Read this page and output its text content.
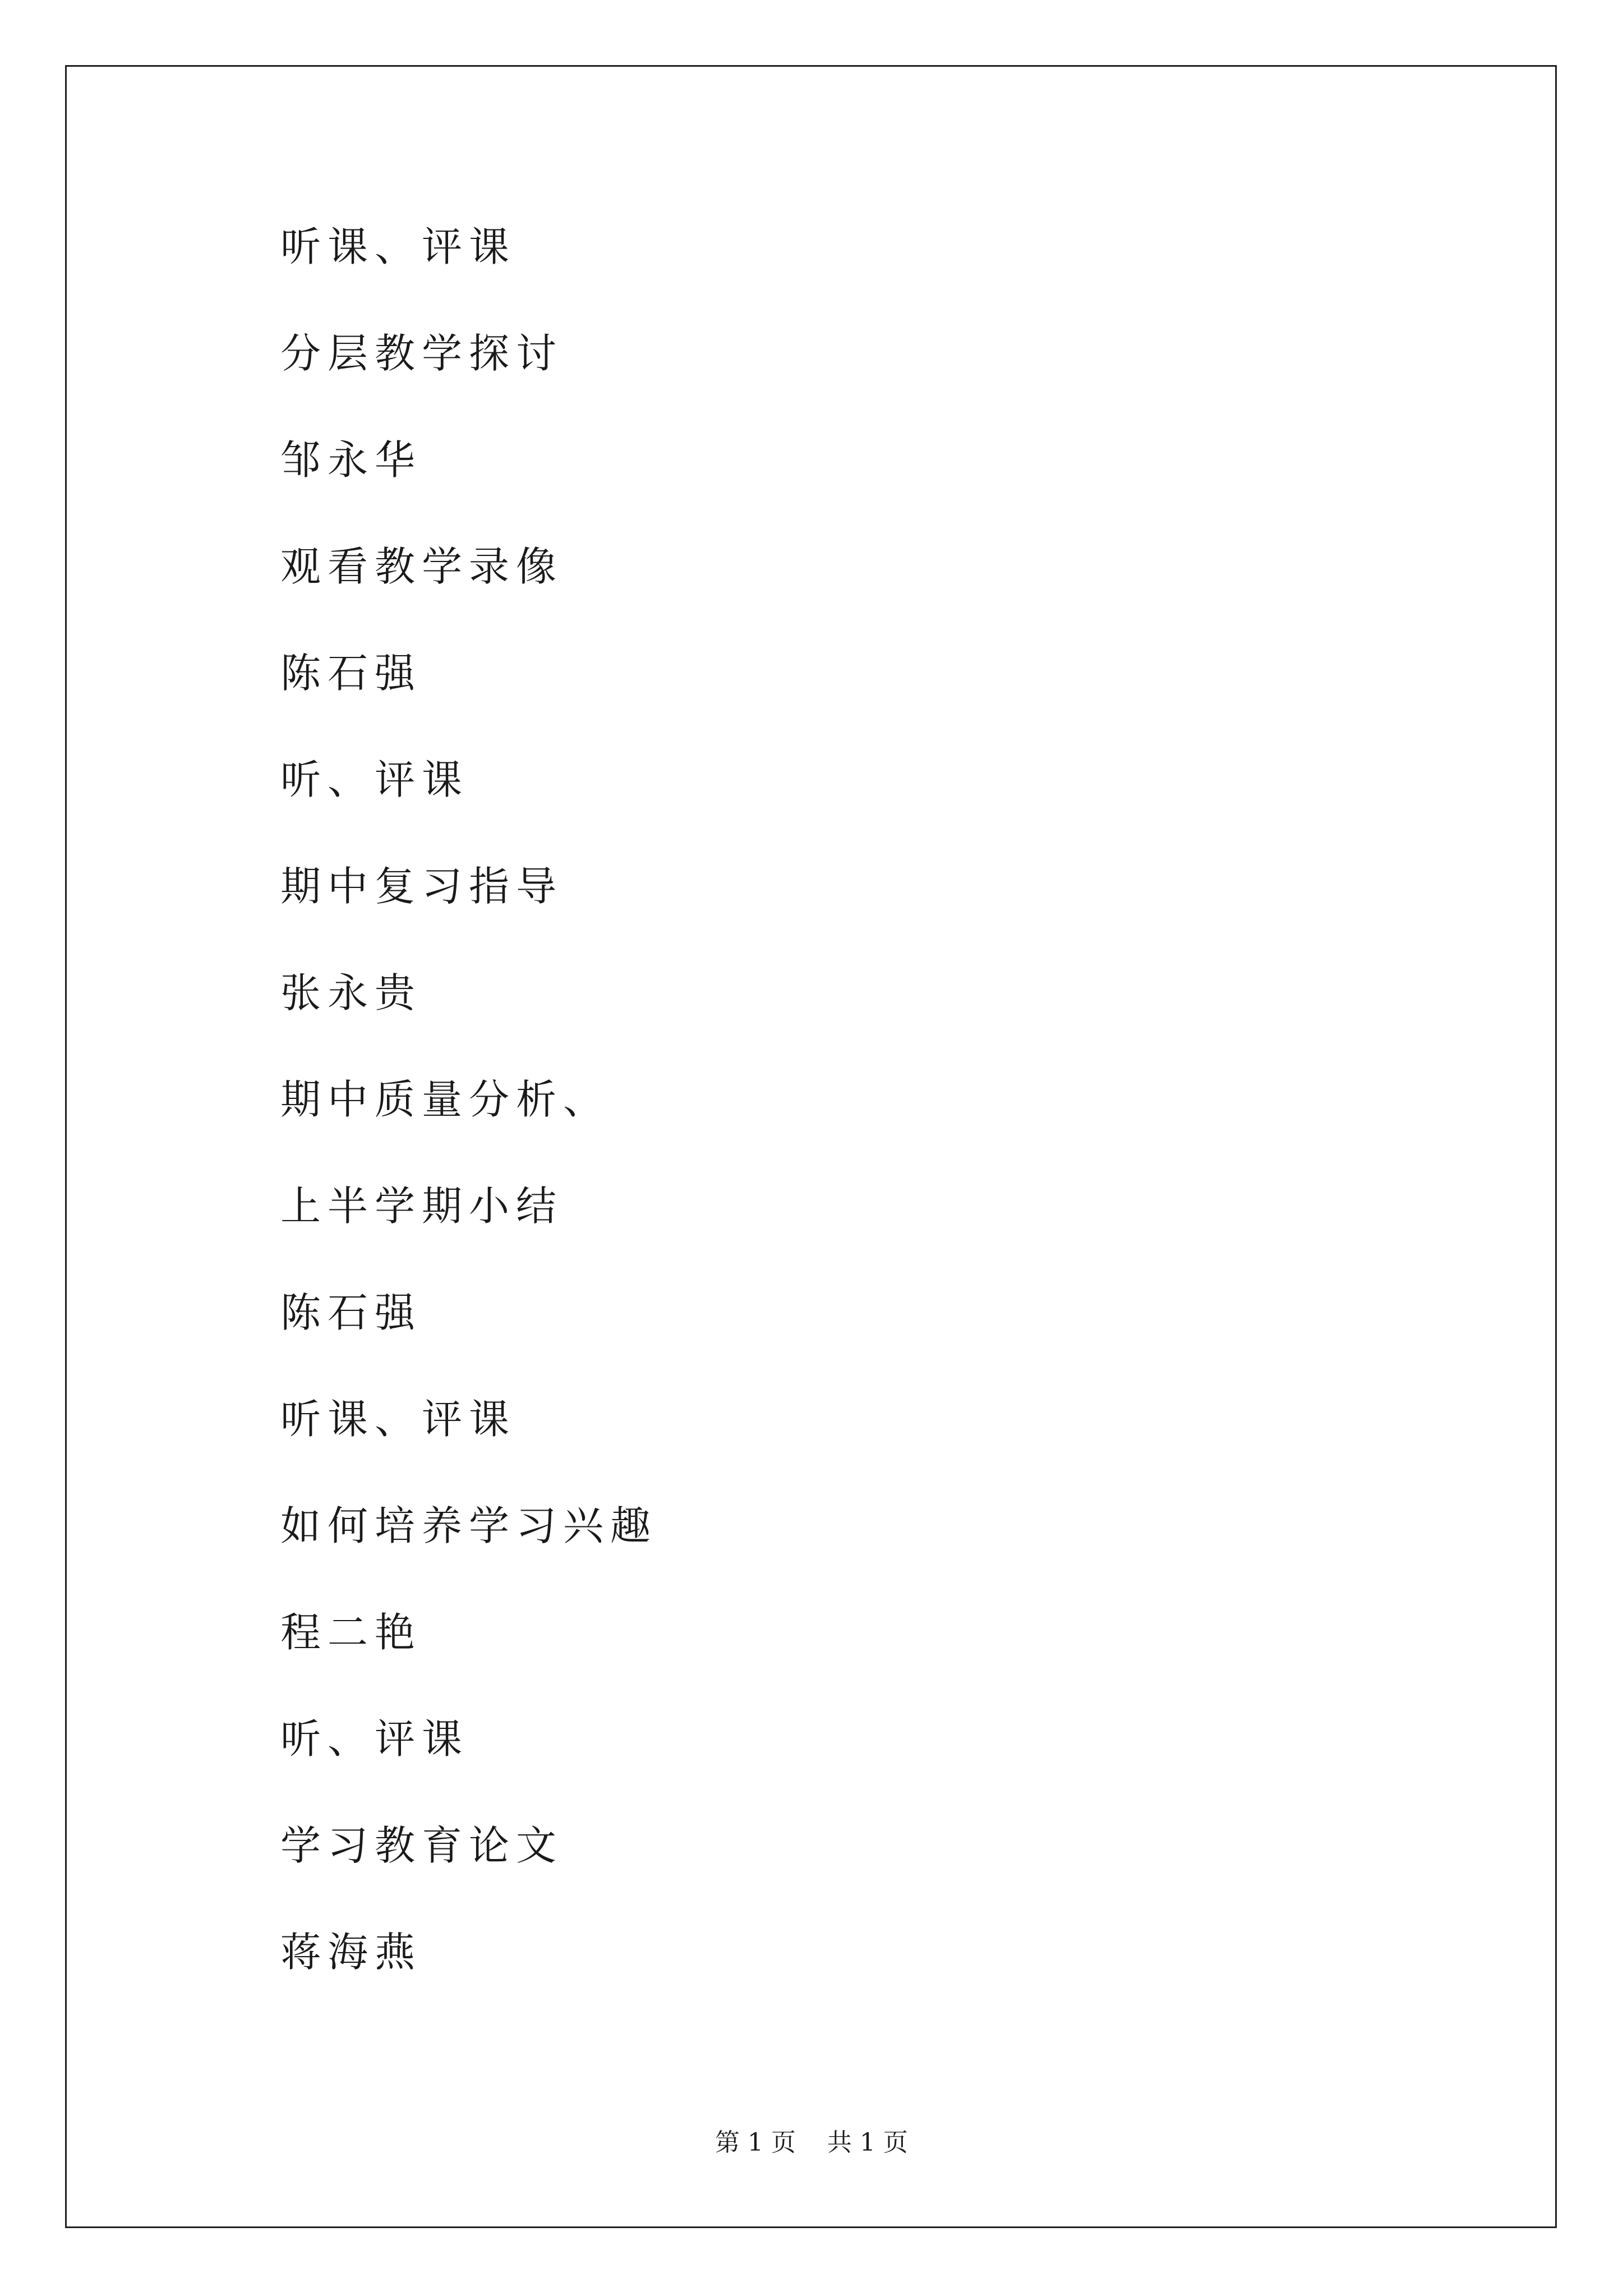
听课、评课
分层教学探讨
邹永华
观看教学录像
陈石强
听、评课
期中复习指导
张永贵
期中质量分析、
上半学期小结
陈石强
听课、评课
如何培养学习兴趣
程二艳
听、评课
学习教育论文
蒋海燕
第 1 页    共 1 页
